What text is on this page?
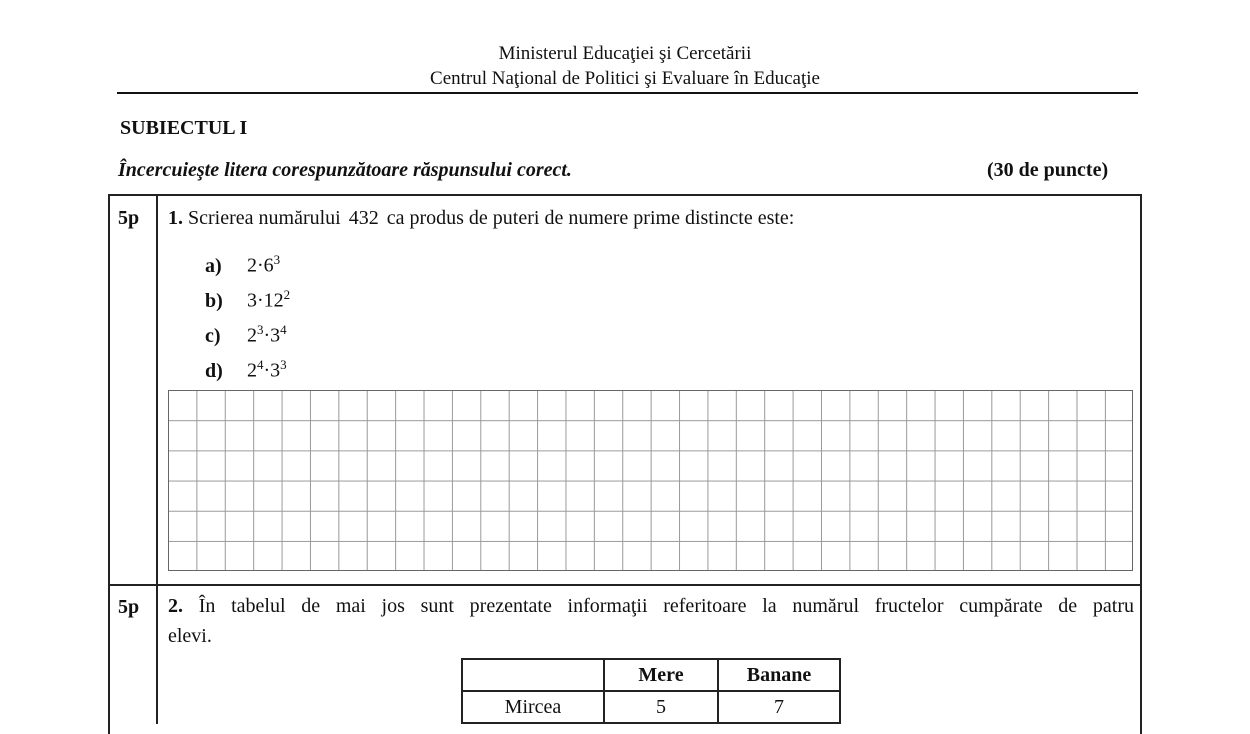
Ministerul Educaţiei şi Cercetării
Centrul Naţional de Politici şi Evaluare în Educaţie
SUBIECTUL I
Încercuieşte litera corespunzătoare răspunsului corect.	(30 de puncte)
5p 1. Scrierea numărului 432 ca produs de puteri de numere prime distincte este:
a) $2\cdot 6^3$
b) $3\cdot 12^2$
c) $2^3\cdot 3^4$
d) $2^4\cdot 3^3$
5p 2. În tabelul de mai jos sunt prezentate informaţii referitoare la numărul fructelor cumpărate de patru
elevi.
	Mere	Banane
Mircea	5	7
